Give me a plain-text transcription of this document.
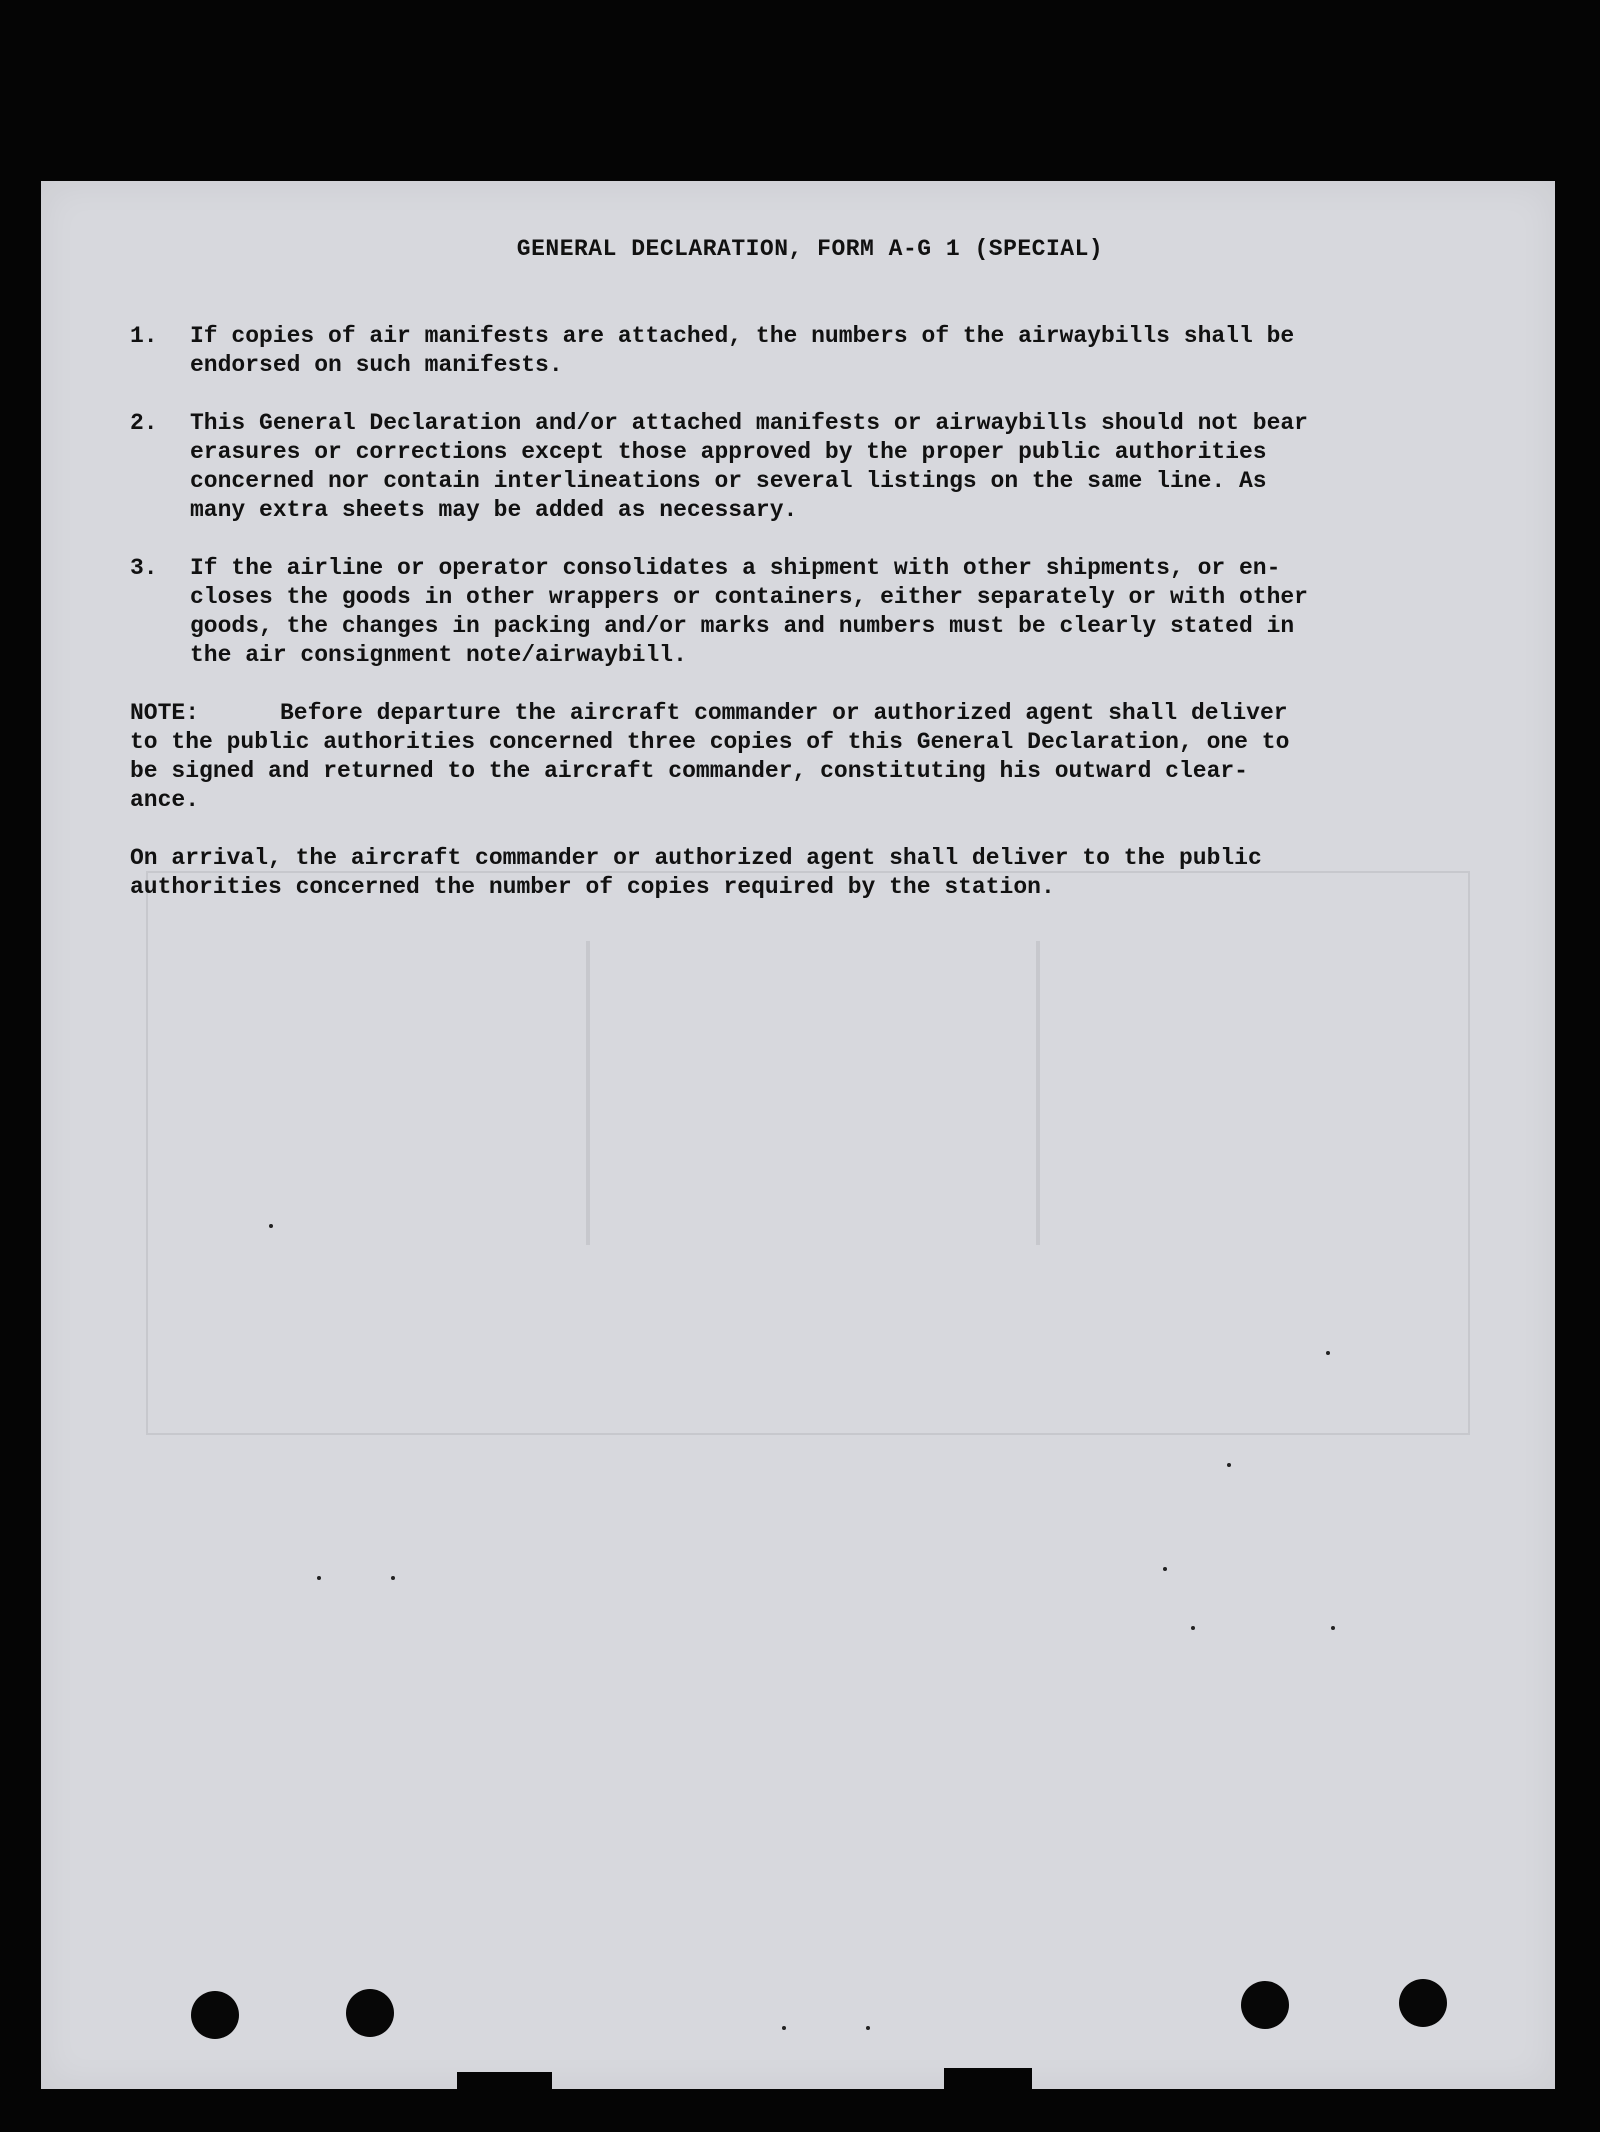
GENERAL DECLARATION, FORM A-G 1 (SPECIAL)
1.	If copies of air manifests are attached, the numbers of the airwaybills shall be
endorsed on such manifests.
2.	This General Declaration and/or attached manifests or airwaybills should not bear
erasures or corrections except those approved by the proper public authorities
concerned nor contain interlineations or several listings on the same line. As
many extra sheets may be added as necessary.
3.	If the airline or operator consolidates a shipment with other shipments, or en-
closes the goods in other wrappers or containers, either separately or with other
goods, the changes in packing and/or marks and numbers must be clearly stated in
the air consignment note/airwaybill.
NOTE:	Before departure the aircraft commander or authorized agent shall deliver
to the public authorities concerned three copies of this General Declaration, one to
be signed and returned to the aircraft commander, constituting his outward clear-
ance.
On arrival, the aircraft commander or authorized agent shall deliver to the public
authorities concerned the number of copies required by the station.
